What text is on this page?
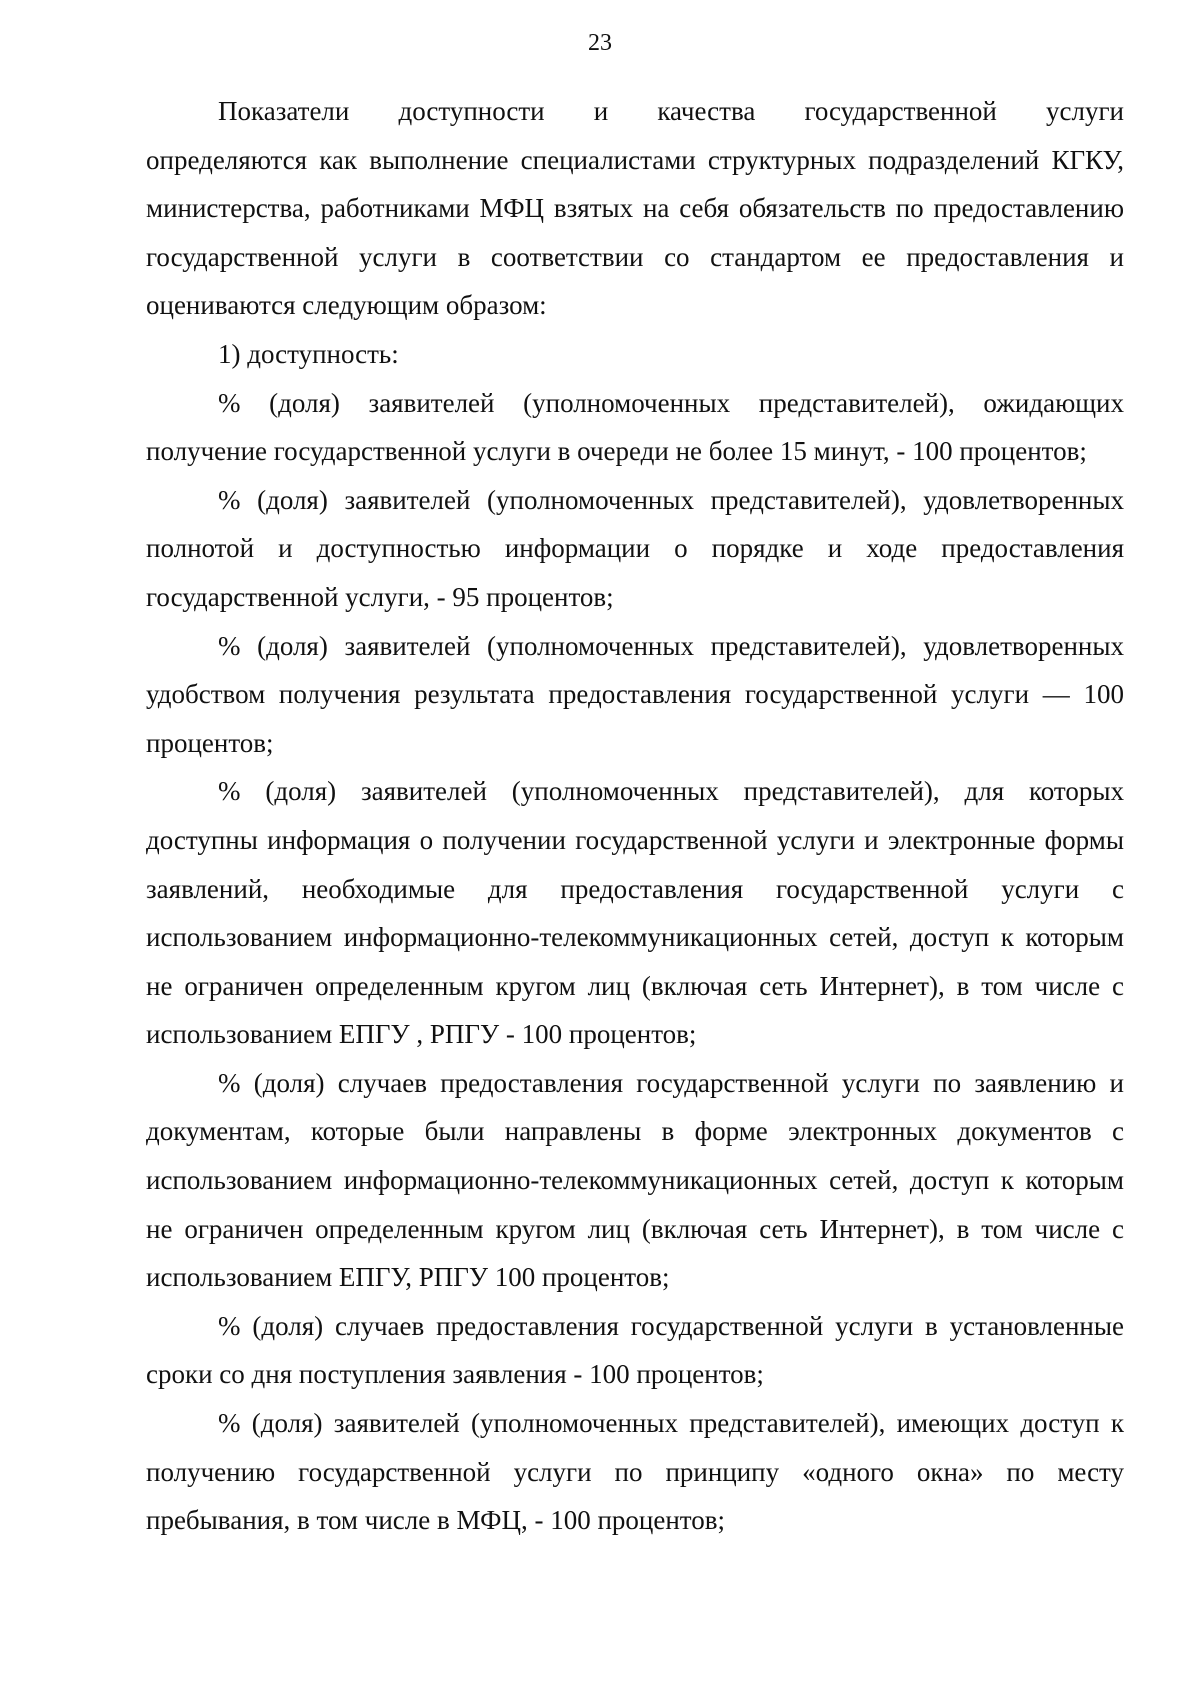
23

Показатели доступности и качества государственной услуги
определяются как выполнение специалистами структурных подразделений КГКУ, министерства, работниками МФЦ взятых на себя обязательств по предоставлению государственной услуги в соответствии со стандартом ее предоставления и оцениваются следующим образом:

1) доступность:

% (доля) заявителей (уполномоченных представителей), ожидающих получение государственной услуги в очереди не более 15 минут, - 100 процентов;

% (доля) заявителей (уполномоченных представителей), удовлетворенных полнотой и доступностью информации о порядке и ходе предоставления государственной услуги, - 95 процентов;

% (доля) заявителей (уполномоченных представителей), удовлетворенных удобством получения результата предоставления государственной услуги — 100 процентов;

% (доля) заявителей (уполномоченных представителей), для которых доступны информация о получении государственной услуги и электронные формы заявлений, необходимые для предоставления государственной услуги с использованием информационно-телекоммуникационных сетей, доступ к которым не ограничен определенным кругом лиц (включая сеть Интернет), в том числе с использованием ЕПГУ , РПГУ - 100 процентов;

% (доля) случаев предоставления государственной услуги по заявлению и документам, которые были направлены в форме электронных документов с использованием информационно-телекоммуникационных сетей, доступ к которым не ограничен определенным кругом лиц (включая сеть Интернет), в том числе с использованием ЕПГУ, РПГУ 100 процентов;

% (доля) случаев предоставления государственной услуги в установленные сроки со дня поступления заявления - 100 процентов;

% (доля) заявителей (уполномоченных представителей), имеющих доступ к получению государственной услуги по принципу «одного окна» по месту пребывания, в том числе в МФЦ, - 100 процентов;
